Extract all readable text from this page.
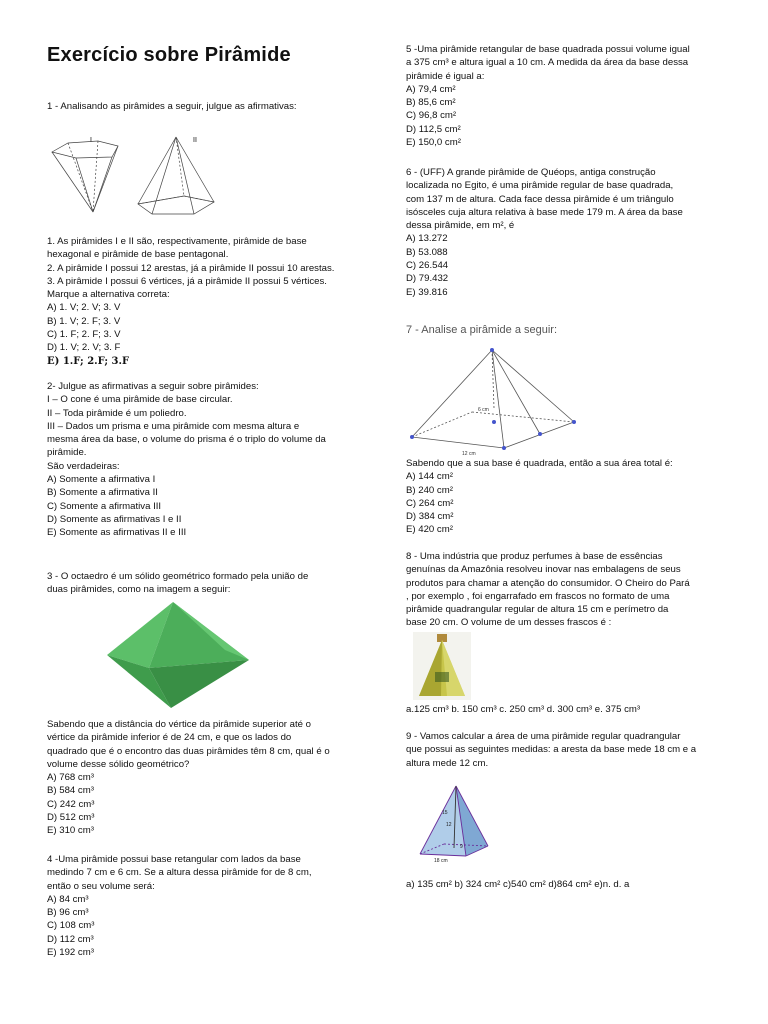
Exercício sobre Pirâmide

1 - Analisando as pirâmides a seguir, julgue as afirmativas:

I	II

1. As pirâmides I e II são, respectivamente, pirâmide de base

hexagonal e pirâmide de base pentagonal.

2. A pirâmide I possui 12 arestas, já a pirâmide II possui 10 arestas.

3. A pirâmide I possui 6 vértices, já a pirâmide II possui 5 vértices.

Marque a alternativa correta:

A) 1. V; 2. V; 3. V

B) 1. V; 2. F; 3. V

C) 1. F; 2. F; 3. V

D) 1. V; 2. V; 3. F

E) 1.F; 2.F; 3.F

2- Julgue as afirmativas a seguir sobre pirâmides:

I – O cone é uma pirâmide de base circular.

II – Toda pirâmide é um poliedro.

III – Dados um prisma e uma pirâmide com mesma altura e

mesma área da base, o volume do prisma é o triplo do volume da

pirâmide.

São verdadeiras:

A) Somente a afirmativa I

B) Somente a afirmativa II

C) Somente a afirmativa III

D) Somente as afirmativas I e II

E) Somente as afirmativas II e III

3 - O octaedro é um sólido geométrico formado pela união de

duas pirâmides, como na imagem a seguir:

Sabendo que a distância do vértice da pirâmide superior até o

vértice da pirâmide inferior é de 24 cm, e que os lados do

quadrado que é o encontro das duas pirâmides têm 8 cm, qual é o

volume desse sólido geométrico?

A) 768 cm³

B) 584 cm³

C) 242 cm³

D) 512 cm³

E) 310 cm³

4 -Uma pirâmide possui base retangular com lados da base

medindo 7 cm e 6 cm. Se a altura dessa pirâmide for de 8 cm,

então o seu volume será:

A) 84 cm³

B) 96 cm³

C) 108 cm³

D) 112 cm³

E) 192 cm³

5 -Uma pirâmide retangular de base quadrada possui volume igual

a 375 cm³ e altura igual a 10 cm. A medida da área da base dessa

pirâmide é igual a:

A) 79,4 cm²

B) 85,6 cm²

C) 96,8 cm²

D) 112,5 cm²

E) 150,0 cm²

6 - (UFF) A grande pirâmide de Quéops, antiga construção

localizada no Egito, é uma pirâmide regular de base quadrada,

com 137 m de altura. Cada face dessa pirâmide é um triângulo

isósceles cuja altura relativa à base mede 179 m. A área da base

dessa pirâmide, em m², é

A) 13.272

B) 53.088

C) 26.544

D) 79.432

E) 39.816

7 - Analise a pirâmide a seguir:

6 cm
12 cm

Sabendo que a sua base é quadrada, então a sua área total é:

A) 144 cm²

B) 240 cm²

C) 264 cm²

D) 384 cm²

E) 420 cm²

8 - Uma indústria que produz perfumes à base de essências

genuínas da Amazônia resolveu inovar nas embalagens de seus

produtos para chamar a atenção do consumidor. O Cheiro do Pará

, por exemplo , foi engarrafado em frascos no formato de uma

pirâmide quadrangular regular de altura 15 cm e perímetro da

base 20 cm. O volume de um desses frascos é :

a.125 cm³ b. 150 cm³ c. 250 cm³ d. 300 cm³ e. 375 cm³

9 - Vamos calcular a área de uma pirâmide regular quadrangular

que possui as seguintes medidas: a aresta da base mede 18 cm e a

altura mede 12 cm.

15
12
9
18 cm

a) 135 cm² b) 324 cm² c)540 cm² d)864 cm² e)n. d. a
